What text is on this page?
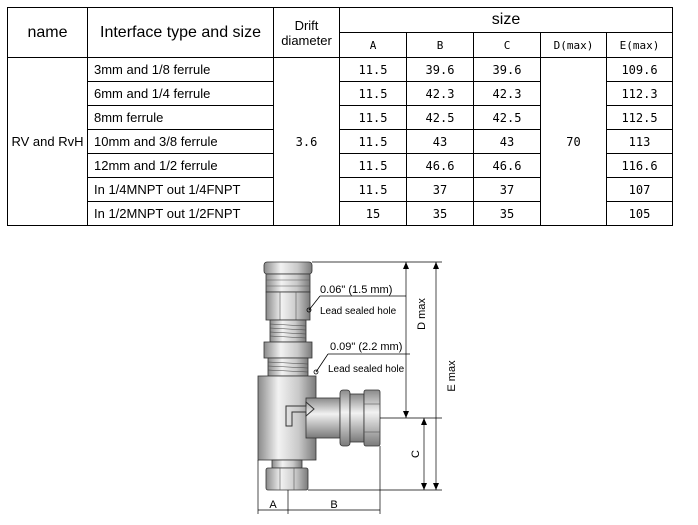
name	Interface type and size	Drift
diameter	size				
			A	B	C	D(max)	E(max)
RV and RvH	3mm and 1/8 ferrule	3.6	11.5	39.6	39.6	70	109.6
	6mm and 1/4 ferrule		11.5	42.3	42.3		112.3
	8mm ferrule		11.5	42.5	42.5		112.5
	10mm and 3/8 ferrule		11.5	43	43		113
	12mm and 1/2 ferrule		11.5	46.6	46.6		116.6
	In 1/4MNPT out 1/4FNPT		11.5	37	37		107
	In 1/2MNPT out 1/2FNPT		15	35	35		105
0.06" (1.5 mm)
Lead sealed hole
0.09" (2.2 mm)
Lead sealed hole
D max
E max
C
A	B
